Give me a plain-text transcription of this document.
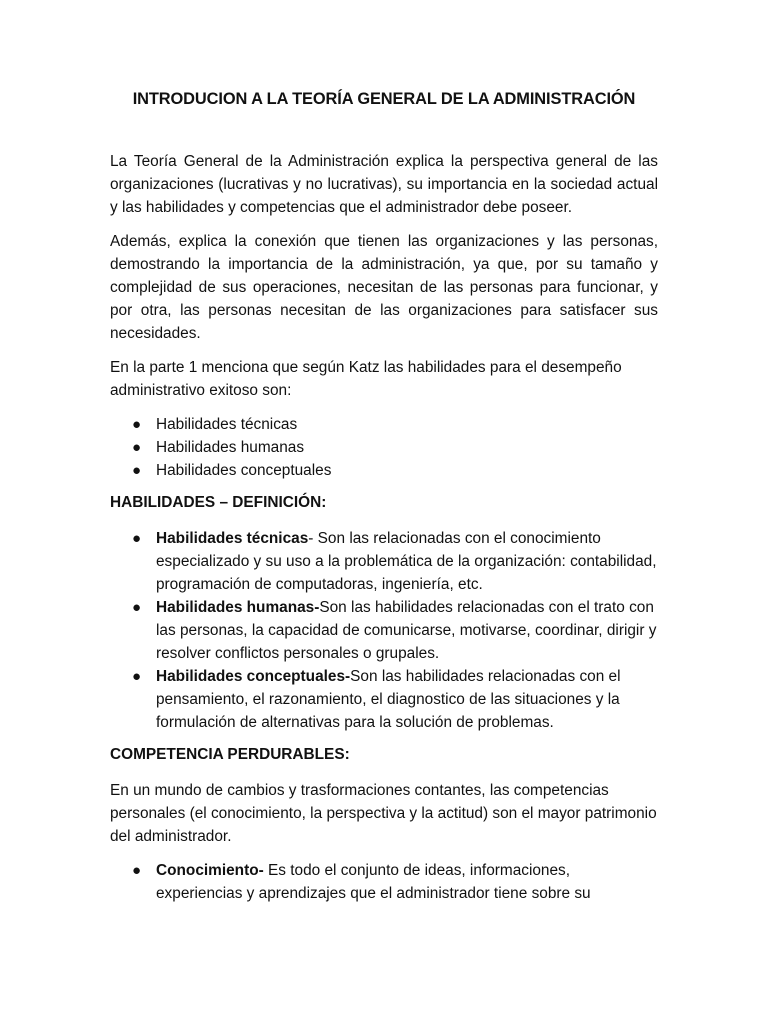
INTRODUCION A LA TEORÍA GENERAL DE LA ADMINISTRACIÓN

La Teoría General de la Administración explica la perspectiva general de las organizaciones (lucrativas y no lucrativas), su importancia en la sociedad actual y las habilidades y competencias que el administrador debe poseer.

Además, explica la conexión que tienen las organizaciones y las personas, demostrando la importancia de la administración, ya que, por su tamaño y complejidad de sus operaciones, necesitan de las personas para funcionar, y por otra, las personas necesitan de las organizaciones para satisfacer sus necesidades.

En la parte 1 menciona que según Katz las habilidades para el desempeño administrativo exitoso son:

● Habilidades técnicas
● Habilidades humanas
● Habilidades conceptuales
HABILIDADES – DEFINICIÓN:
● Habilidades técnicas- Son las relacionadas con el conocimiento especializado y su uso a la problemática de la organización: contabilidad, programación de computadoras, ingeniería, etc.
● Habilidades humanas-Son las habilidades relacionadas con el trato con las personas, la capacidad de comunicarse, motivarse, coordinar, dirigir y resolver conflictos personales o grupales.
● Habilidades conceptuales-Son las habilidades relacionadas con el pensamiento, el razonamiento, el diagnostico de las situaciones y la formulación de alternativas para la solución de problemas.
COMPETENCIA PERDURABLES:

En un mundo de cambios y trasformaciones contantes, las competencias personales (el conocimiento, la perspectiva y la actitud) son el mayor patrimonio del administrador.

● Conocimiento- Es todo el conjunto de ideas, informaciones, experiencias y aprendizajes que el administrador tiene sobre su
